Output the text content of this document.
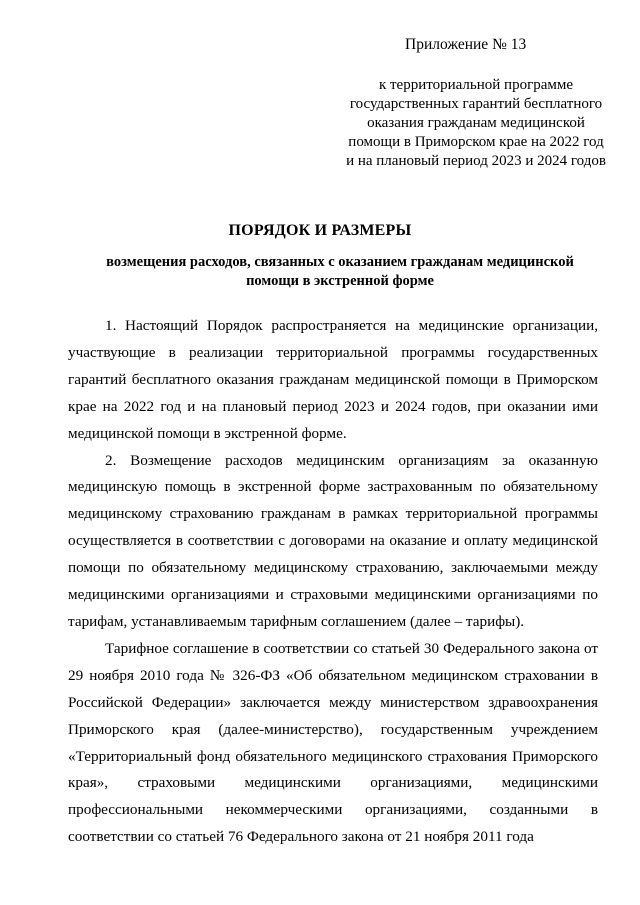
Приложение № 13
к территориальной программе государственных гарантий бесплатного оказания гражданам медицинской помощи в Приморском крае на 2022 год и на плановый период 2023 и 2024 годов
ПОРЯДОК И РАЗМЕРЫ
возмещения расходов, связанных с оказанием гражданам медицинской помощи в экстренной форме

1. Настоящий Порядок распространяется на медицинские организации, участвующие в реализации территориальной программы государственных гарантий бесплатного оказания гражданам медицинской помощи в Приморском крае на 2022 год и на плановый период 2023 и 2024 годов, при оказании ими медицинской помощи в экстренной форме.

2. Возмещение расходов медицинским организациям за оказанную медицинскую помощь в экстренной форме застрахованным по обязательному медицинскому страхованию гражданам в рамках территориальной программы осуществляется в соответствии с договорами на оказание и оплату медицинской помощи по обязательному медицинскому страхованию, заключаемыми между медицинскими организациями и страховыми медицинскими организациями по тарифам, устанавливаемым тарифным соглашением (далее – тарифы).

Тарифное соглашение в соответствии со статьей 30 Федерального закона от 29 ноября 2010 года № 326-ФЗ «Об обязательном медицинском страховании в Российской Федерации» заключается между министерством здравоохранения Приморского края (далее-министерство), государственным учреждением «Территориальный фонд обязательного медицинского страхования Приморского края», страховыми медицинскими организациями, медицинскими профессиональными некоммерческими организациями, созданными в соответствии со статьей 76 Федерального закона от 21 ноября 2011 года
